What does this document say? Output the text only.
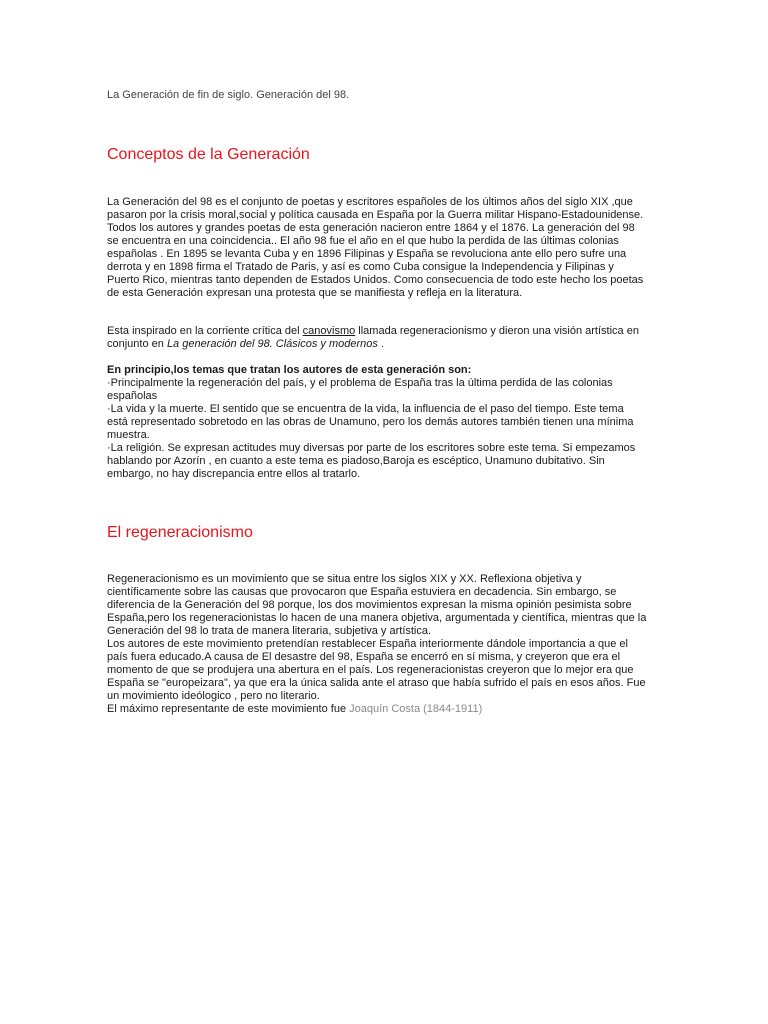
La Generación de fin de siglo. Generación del 98.

Conceptos de la Generación

La Generación del 98 es el conjunto de poetas y escritores españoles de los últimos años del siglo XIX ,que
pasaron por la crisis moral,social y política causada en España por la Guerra militar Hispano-Estadounidense.
Todos los autores y grandes poetas de esta generación nacieron entre 1864 y el 1876. La generación del 98
se encuentra en una coincidencia.. El año 98 fue el año en el que hubo la perdida de las últimas colonias
españolas . En 1895 se levanta Cuba y en 1896 Filipinas y España se revoluciona ante ello pero sufre una
derrota y en 1898 firma el Tratado de Paris, y así es como Cuba consigue la Independencia y Filipinas y
Puerto Rico, mientras tanto dependen de Estados Unidos. Como consecuencia de todo este hecho los poetas
de esta Generación expresan una protesta que se manifiesta y refleja en la literatura.

Esta inspirado en la corriente crítica del canovismo llamada regeneracionismo y dieron una visión artística en
conjunto en La generación del 98. Clásicos y modernos .

En principio,los temas que tratan los autores de esta generación son:
·Principalmente la regeneración del país, y el problema de España tras la última perdida de las colonias
españolas
·La vida y la muerte. El sentido que se encuentra de la vida, la influencia de el paso del tiempo. Este tema
está representado sobretodo en las obras de Unamuno, pero los demás autores también tienen una mínima
muestra.
·La religión. Se expresan actitudes muy diversas por parte de los escritores sobre este tema. Si empezamos
hablando por Azorín , en cuanto a este tema es piadoso,Baroja es escéptico, Unamuno dubitativo. Sin
embargo, no hay discrepancia entre ellos al tratarlo.
El regeneracionismo

Regeneracionismo es un movimiento que se situa entre los siglos XIX y XX. Reflexiona objetiva y
científicamente sobre las causas que provocaron que España estuviera en decadencia. Sin embargo, se
diferencia de la Generación del 98 porque, los dos movimientos expresan la misma opinión pesimista sobre
España,pero los regeneracionistas lo hacen de una manera objetiva, argumentada y científica, mientras que la
Generación del 98 lo trata de manera literaria, subjetiva y artística.
Los autores de este movimiento pretendían restablecer España interiormente dándole importancia a que el
país fuera educado.A causa de El desastre del 98, España se encerró en sí misma, y creyeron que era el
momento de que se produjera una abertura en el país. Los regeneracionistas creyeron que lo mejor era que
España se "europeizara", ya que era la única salida ante el atraso que había sufrido el país en esos años. Fue
un movimiento ideólogico , pero no literario.
El máximo representante de este movimiento fue Joaquín Costa (1844-1911)
